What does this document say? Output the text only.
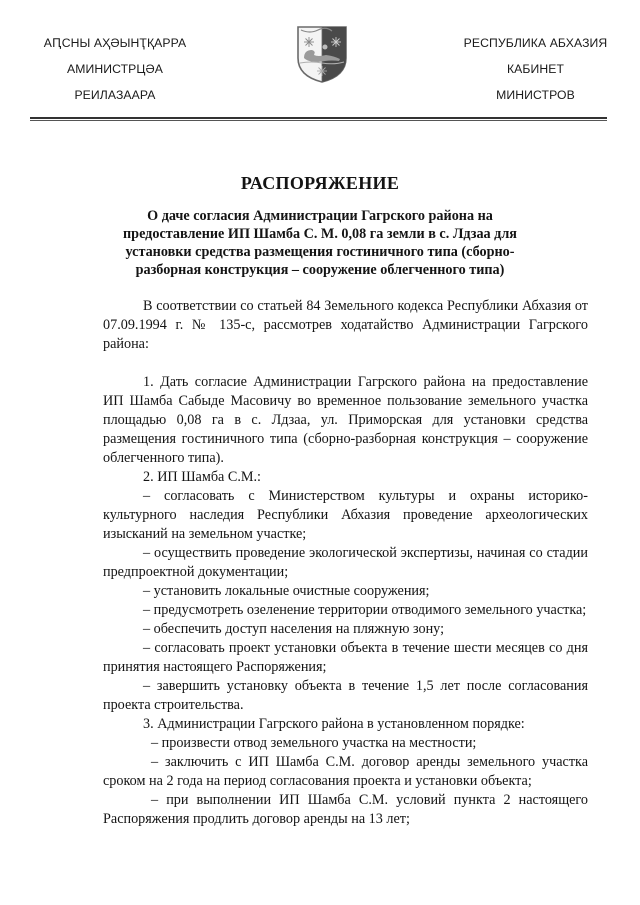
АԤСНЫ АҲӘЫНҬҚАРРА
АМИНИСТРЦӘА
РЕИЛАЗААРА
РЕСПУБЛИКА АБХАЗИЯ
КАБИНЕТ
МИНИСТРОВ
РАСПОРЯЖЕНИЕ
О даче согласия Администрации Гагрского района на предоставление ИП Шамба С. М. 0,08 га земли в с. Лдзаа для установки средства размещения гостиничного типа (сборно-разборная конструкция – сооружение облегченного типа)

В соответствии со статьей 84 Земельного кодекса Республики Абхазия от 07.09.1994 г. № 135-с, рассмотрев ходатайство Администрации Гагрского района:

1. Дать согласие Администрации Гагрского района на предоставление ИП Шамба Сабыде Масовичу во временное пользование земельного участка площадью 0,08 га в с. Лдзаа, ул. Приморская для установки средства размещения гостиничного типа (сборно-разборная конструкция – сооружение облегченного типа).

2. ИП Шамба С.М.:

– согласовать с Министерством культуры и охраны историко-культурного наследия Республики Абхазия проведение археологических изысканий на земельном участке;

– осуществить проведение экологической экспертизы, начиная со стадии предпроектной документации;

– установить локальные очистные сооружения;

– предусмотреть озеленение территории отводимого земельного участка;

– обеспечить доступ населения на пляжную зону;

– согласовать проект установки объекта в течение шести месяцев со дня принятия настоящего Распоряжения;

– завершить установку объекта в течение 1,5 лет после согласования проекта строительства.

3. Администрации Гагрского района в установленном порядке:

– произвести отвод земельного участка на местности;

– заключить с ИП Шамба С.М. договор аренды земельного участка сроком на 2 года на период согласования проекта и установки объекта;

– при выполнении ИП Шамба С.М. условий пункта 2 настоящего Распоряжения продлить договор аренды на 13 лет;
